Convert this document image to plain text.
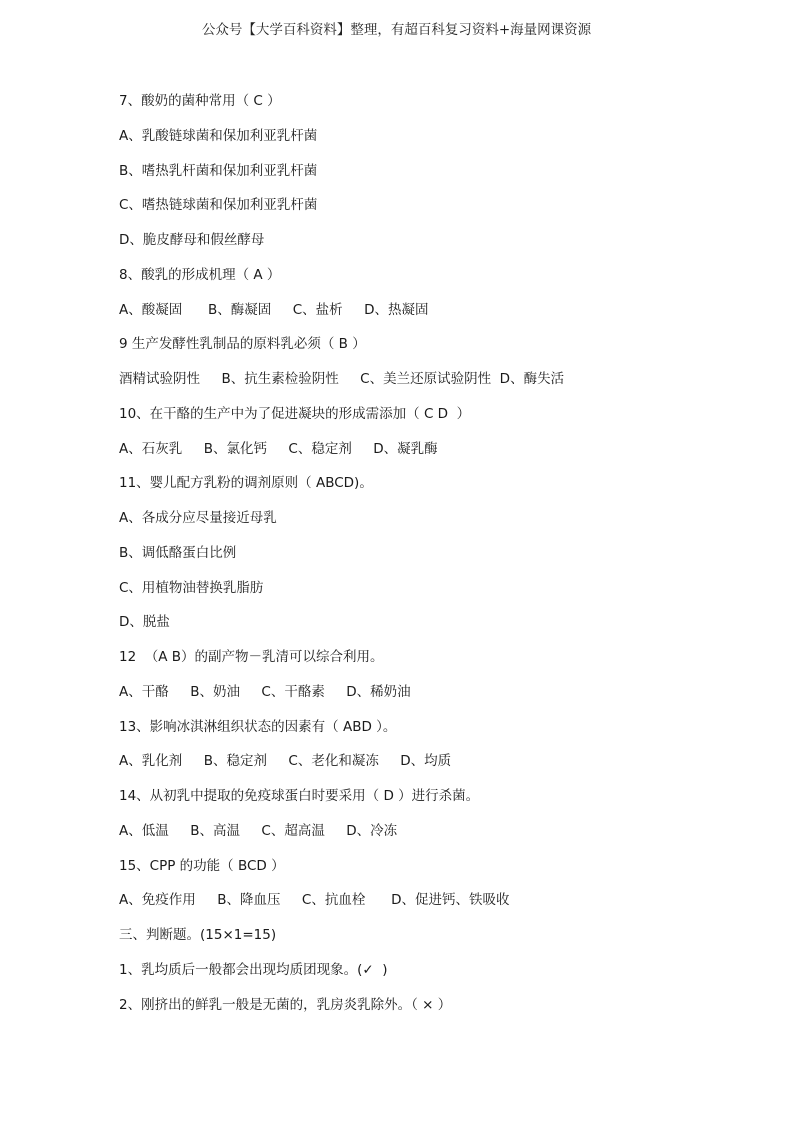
公众号【大学百科资料】整理，有超百科复习资料+海量网课资源
7、酸奶的菌种常用（ C ）
A、乳酸链球菌和保加利亚乳杆菌
B、嗜热乳杆菌和保加利亚乳杆菌
C、嗜热链球菌和保加利亚乳杆菌
D、脆皮酵母和假丝酵母
8、酸乳的形成机理（ A ）
A、酸凝固      B、酶凝固     C、盐析     D、热凝固
9 生产发酵性乳制品的原料乳必须（ B ）
酒精试验阴性     B、抗生素检验阴性     C、美兰还原试验阴性  D、酶失活
10、在干酪的生产中为了促进凝块的形成需添加（ C D  ）
A、石灰乳     B、氯化钙     C、稳定剂     D、凝乳酶
11、婴儿配方乳粉的调剂原则（ ABCD)。
A、各成分应尽量接近母乳
B、调低酪蛋白比例
C、用植物油替换乳脂肪
D、脱盐
12  （A B）的副产物－乳清可以综合利用。
A、干酪     B、奶油     C、干酪素     D、稀奶油
13、影响冰淇淋组织状态的因素有（ ABD ）。
A、乳化剂     B、稳定剂     C、老化和凝冻     D、均质
14、从初乳中提取的免疫球蛋白时要采用（ D ）进行杀菌。
A、低温     B、高温     C、超高温     D、冷冻
15、CPP 的功能（ BCD ）
A、免疫作用     B、降血压     C、抗血栓      D、促进钙、铁吸收
三、判断题。(15×1=15)
1、乳均质后一般都会出现均质团现象。(✓  )
2、刚挤出的鲜乳一般是无菌的，乳房炎乳除外。（ × ）
